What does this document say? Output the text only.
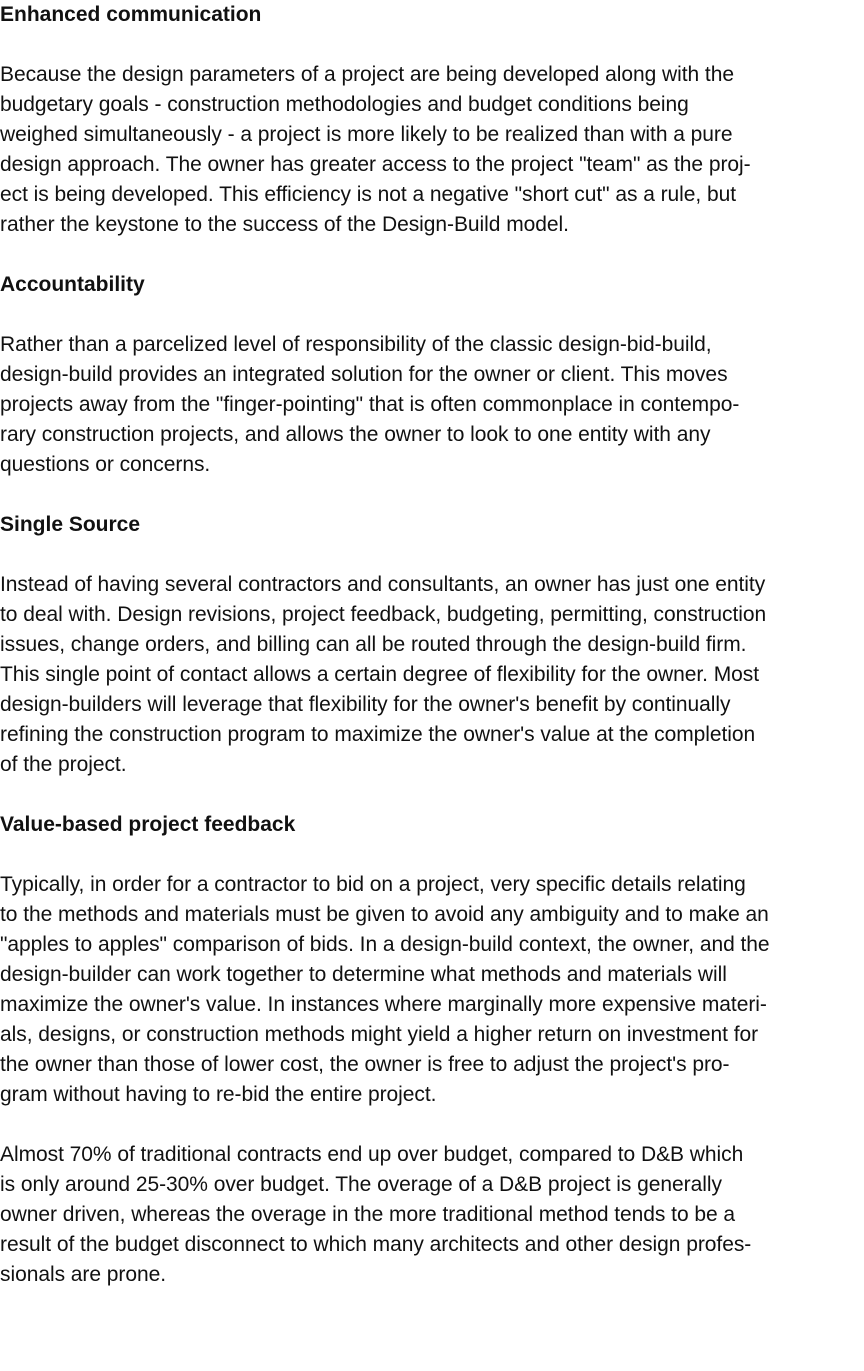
Enhanced communication
Because the design parameters of a project are being developed along with the
budgetary goals - construction methodologies and budget conditions being
weighed simultaneously - a project is more likely to be realized than with a pure
design approach. The owner has greater access to the project "team" as the proj-
ect is being developed. This efficiency is not a negative "short cut" as a rule, but
rather the keystone to the success of the Design-Build model.
Accountability
Rather than a parcelized level of responsibility of the classic design-bid-build,
design-build provides an integrated solution for the owner or client. This moves
projects away from the "finger-pointing" that is often commonplace in contempo-
rary construction projects, and allows the owner to look to one entity with any
questions or concerns.
Single Source
Instead of having several contractors and consultants, an owner has just one entity
to deal with. Design revisions, project feedback, budgeting, permitting, construction
issues, change orders, and billing can all be routed through the design-build firm.
This single point of contact allows a certain degree of flexibility for the owner. Most
design-builders will leverage that flexibility for the owner's benefit by continually
refining the construction program to maximize the owner's value at the completion
of the project.
Value-based project feedback
Typically, in order for a contractor to bid on a project, very specific details relating
to the methods and materials must be given to avoid any ambiguity and to make an
"apples to apples" comparison of bids. In a design-build context, the owner, and the
design-builder can work together to determine what methods and materials will
maximize the owner's value. In instances where marginally more expensive materi-
als, designs, or construction methods might yield a higher return on investment for
the owner than those of lower cost, the owner is free to adjust the project's pro-
gram without having to re-bid the entire project.
Almost 70% of traditional contracts end up over budget, compared to D&B which
is only around 25-30% over budget. The overage of a D&B project is generally
owner driven, whereas the overage in the more traditional method tends to be a
result of the budget disconnect to which many architects and other design profes-
sionals are prone.
